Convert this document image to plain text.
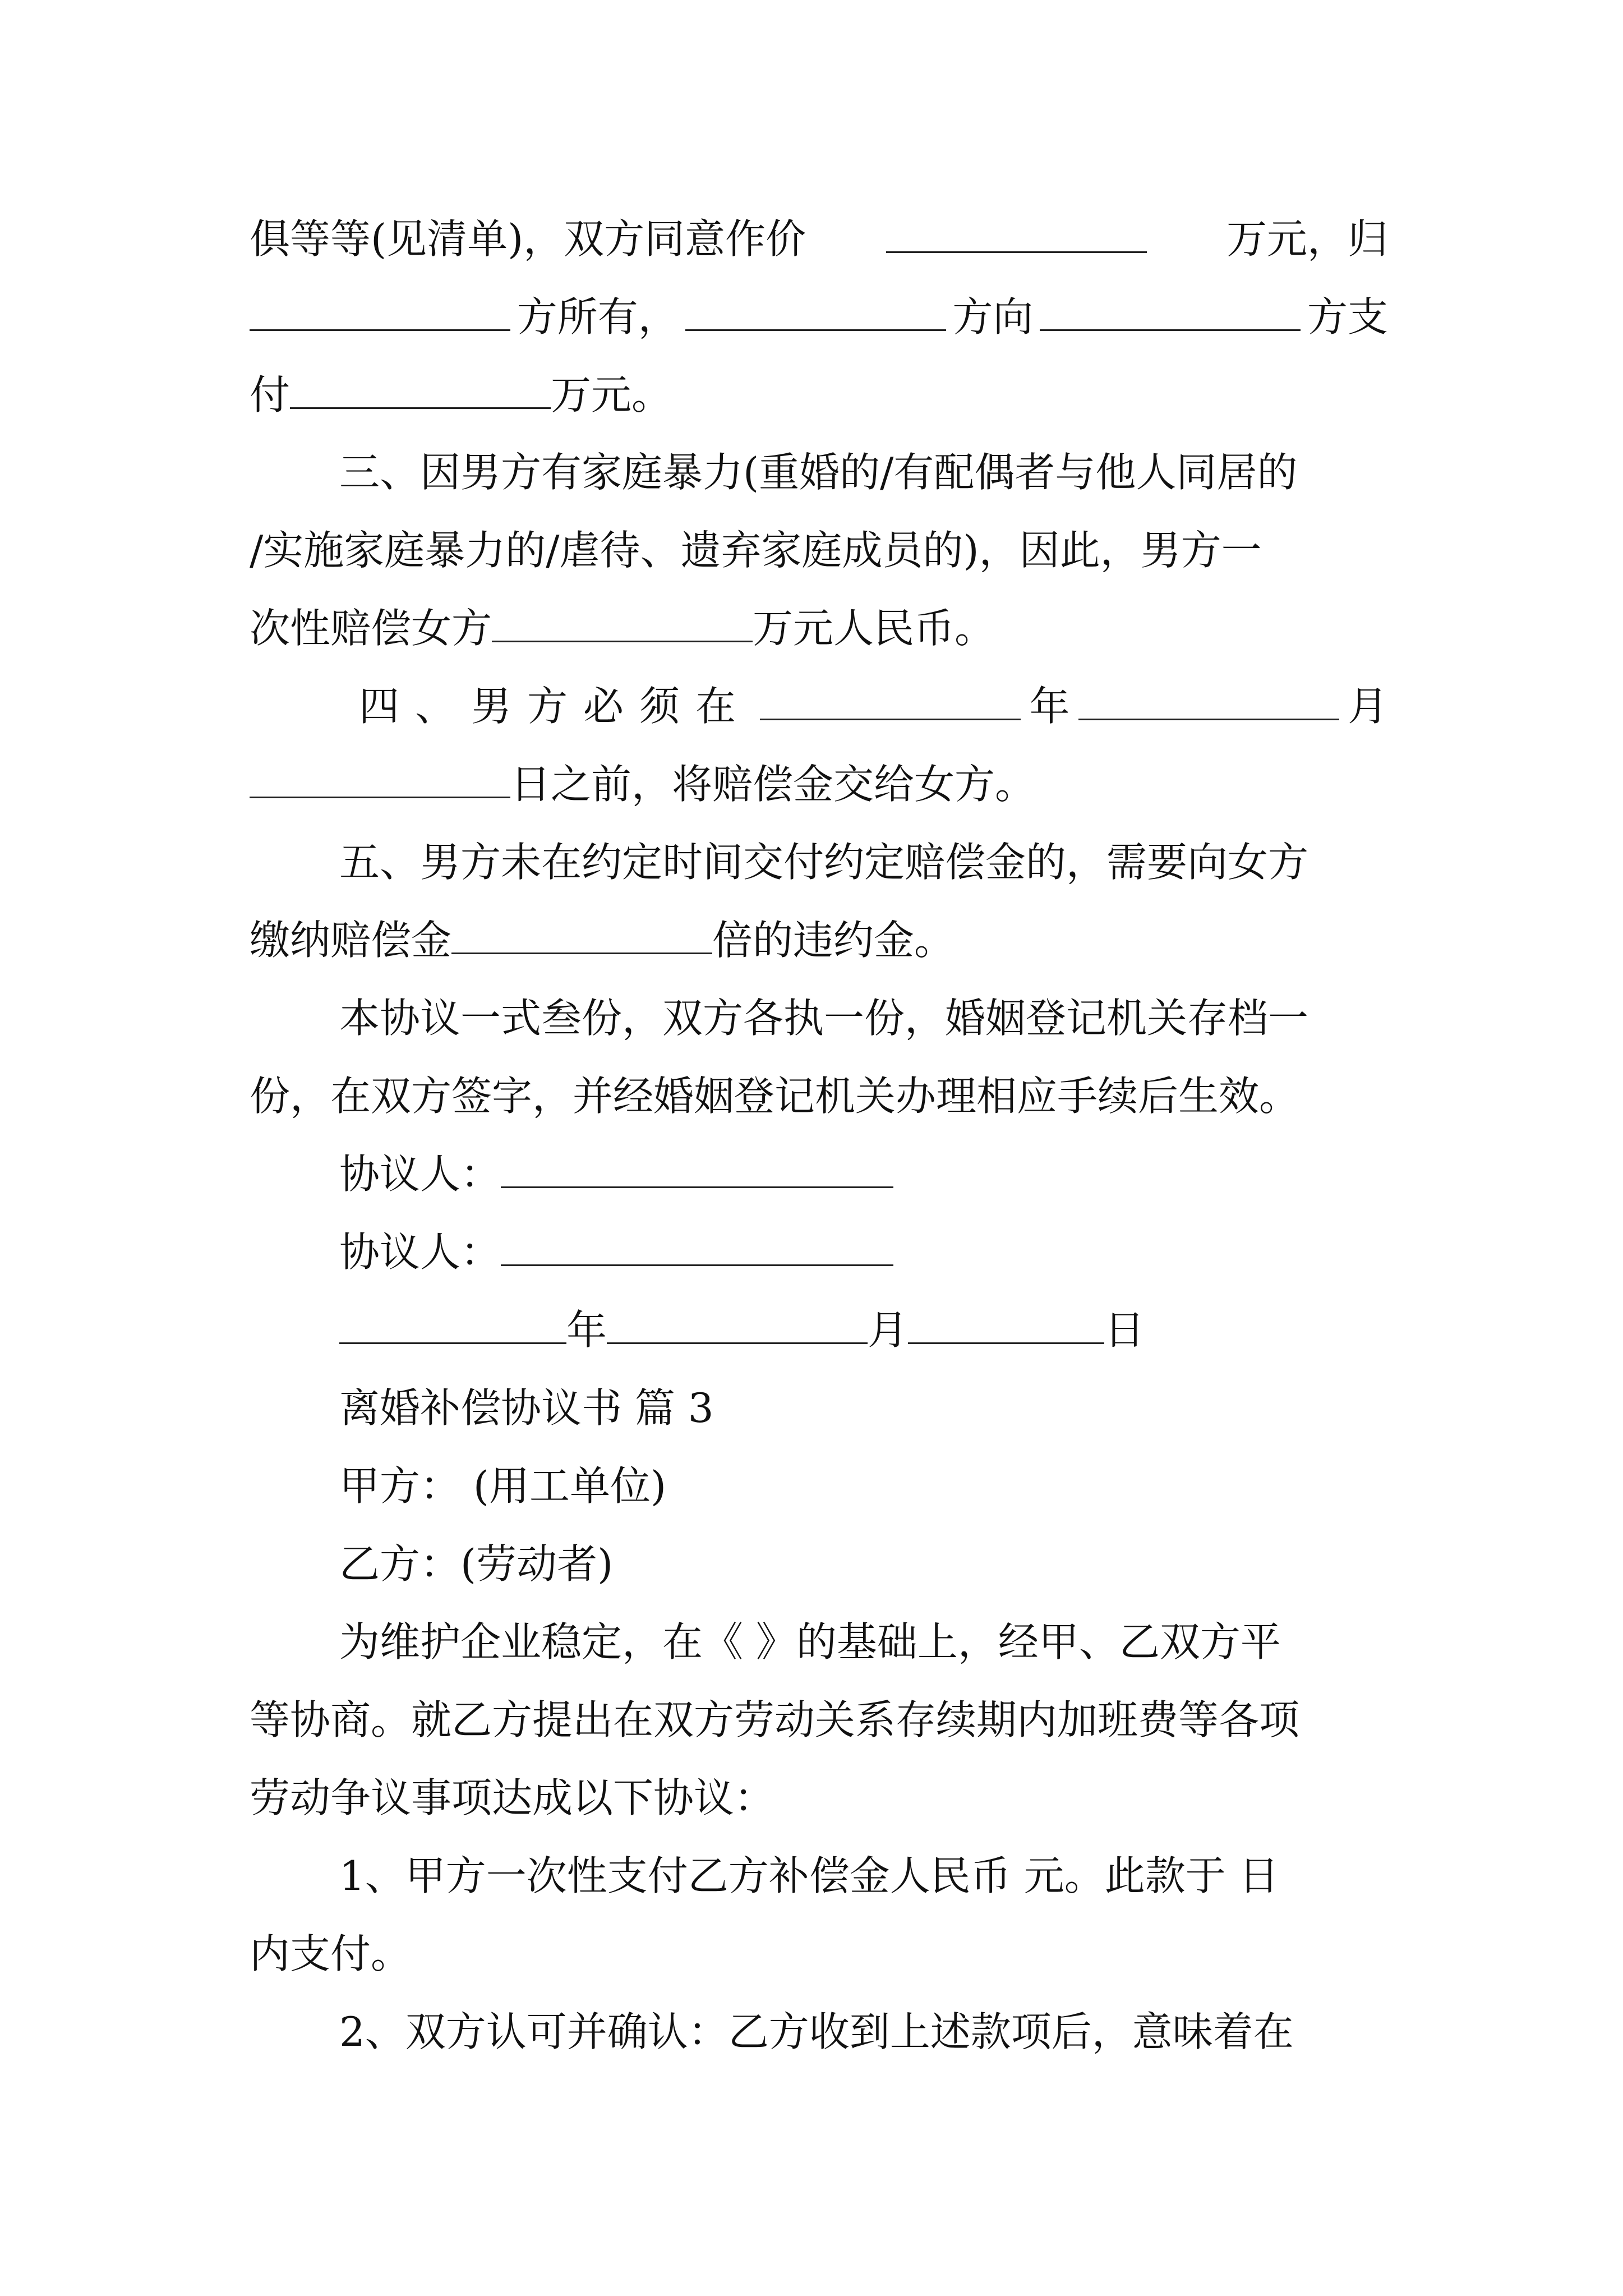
俱等等(见清单)，双方同意作价	万元，归
方所有，	方向	方支
付	万元。
三、因男方有家庭暴力(重婚的/有配偶者与他人同居的
/实施家庭暴力的/虐待、遗弃家庭成员的)，因此，男方一
次性赔偿女方	万元人民币。
四、男方必须在	年	月
日之前，将赔偿金交给女方。
五、男方未在约定时间交付约定赔偿金的，需要向女方
缴纳赔偿金	倍的违约金。
本协议一式叁份，双方各执一份，婚姻登记机关存档一
份，在双方签字，并经婚姻登记机关办理相应手续后生效。
协议人：
协议人：
年	月	日
离婚补偿协议书 篇 3
甲方： (用工单位)
乙方：(劳动者)
为维护企业稳定，在《 》的基础上，经甲、乙双方平
等协商。就乙方提出在双方劳动关系存续期内加班费等各项
劳动争议事项达成以下协议：
1、甲方一次性支付乙方补偿金人民币 元。此款于 日
内支付。
2、双方认可并确认：乙方收到上述款项后，意味着在
